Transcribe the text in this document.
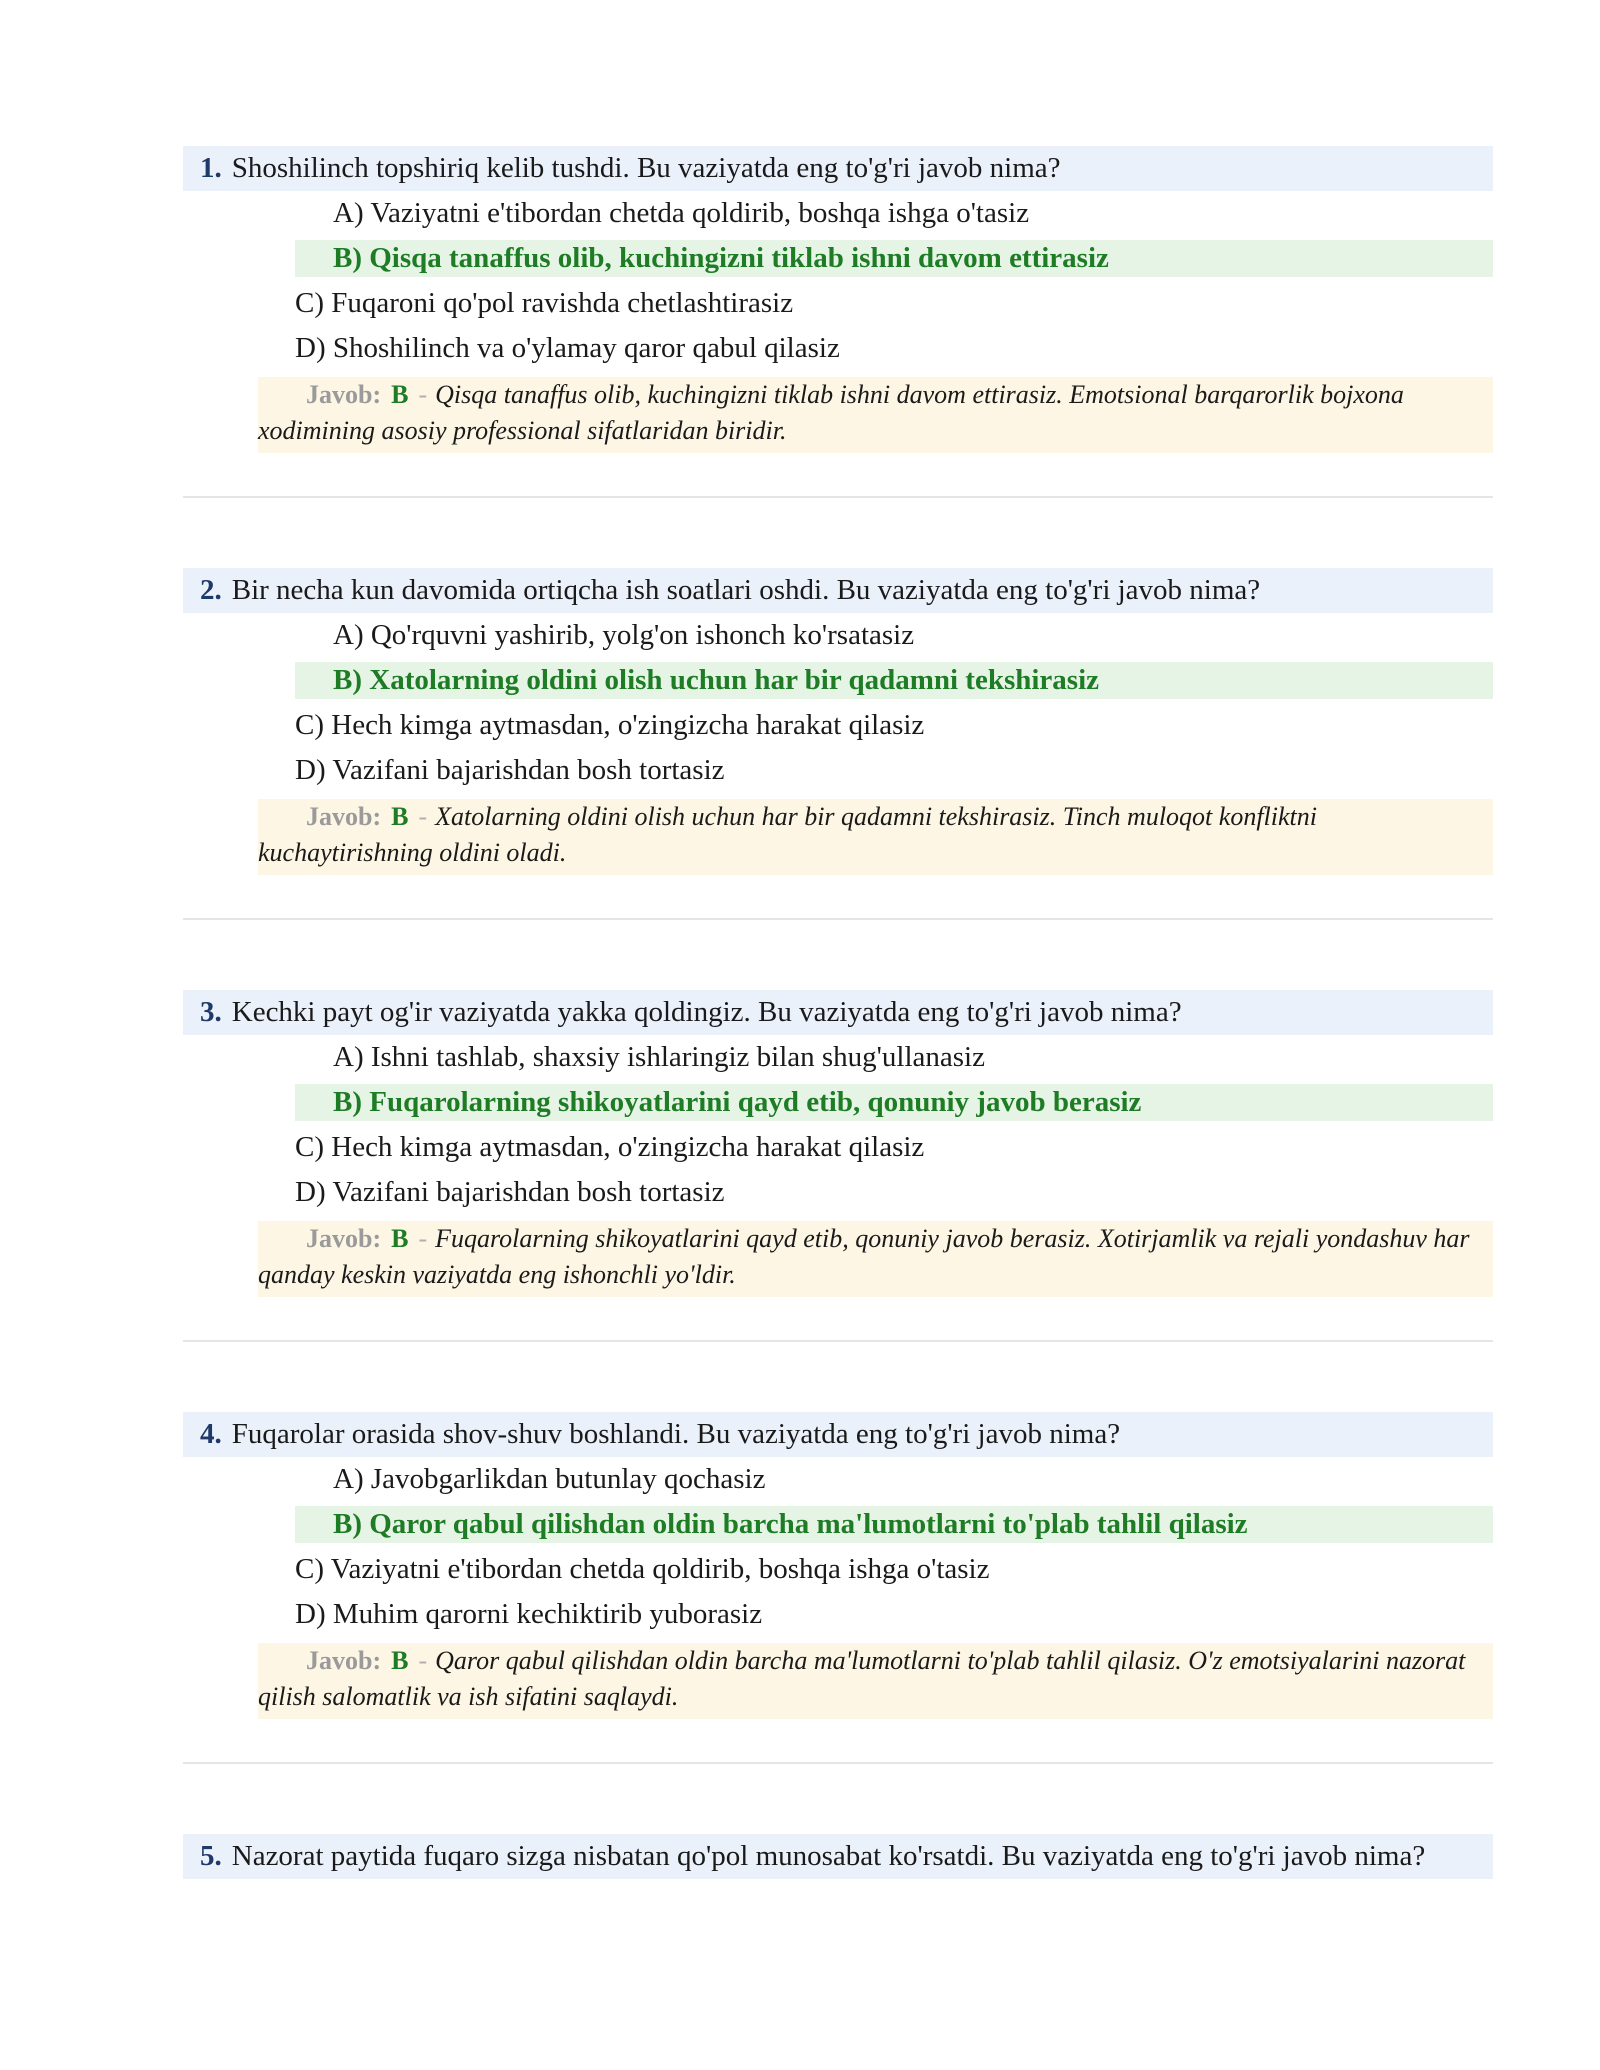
1. Shoshilinch topshiriq kelib tushdi. Bu vaziyatda eng to'g'ri javob nima?
A) Vaziyatni e'tibordan chetda qoldirib, boshqa ishga o'tasiz
B) Qisqa tanaffus olib, kuchingizni tiklab ishni davom ettirasiz
C) Fuqaroni qo'pol ravishda chetlashtirasiz
D) Shoshilinch va o'ylamay qaror qabul qilasiz
Javob: B - Qisqa tanaffus olib, kuchingizni tiklab ishni davom ettirasiz. Emotsional barqarorlik bojxona xodimining asosiy professional sifatlaridan biridir.
2. Bir necha kun davomida ortiqcha ish soatlari oshdi. Bu vaziyatda eng to'g'ri javob nima?
A) Qo'rquvni yashirib, yolg'on ishonch ko'rsatasiz
B) Xatolarning oldini olish uchun har bir qadamni tekshirasiz
C) Hech kimga aytmasdan, o'zingizcha harakat qilasiz
D) Vazifani bajarishdan bosh tortasiz
Javob: B - Xatolarning oldini olish uchun har bir qadamni tekshirasiz. Tinch muloqot konfliktni kuchaytirishning oldini oladi.
3. Kechki payt og'ir vaziyatda yakka qoldingiz. Bu vaziyatda eng to'g'ri javob nima?
A) Ishni tashlab, shaxsiy ishlaringiz bilan shug'ullanasiz
B) Fuqarolarning shikoyatlarini qayd etib, qonuniy javob berasiz
C) Hech kimga aytmasdan, o'zingizcha harakat qilasiz
D) Vazifani bajarishdan bosh tortasiz
Javob: B - Fuqarolarning shikoyatlarini qayd etib, qonuniy javob berasiz. Xotirjamlik va rejali yondashuv har qanday keskin vaziyatda eng ishonchli yo'ldir.
4. Fuqarolar orasida shov-shuv boshlandi. Bu vaziyatda eng to'g'ri javob nima?
A) Javobgarlikdan butunlay qochasiz
B) Qaror qabul qilishdan oldin barcha ma'lumotlarni to'plab tahlil qilasiz
C) Vaziyatni e'tibordan chetda qoldirib, boshqa ishga o'tasiz
D) Muhim qarorni kechiktirib yuborasiz
Javob: B - Qaror qabul qilishdan oldin barcha ma'lumotlarni to'plab tahlil qilasiz. O'z emotsiyalarini nazorat qilish salomatlik va ish sifatini saqlaydi.
5. Nazorat paytida fuqaro sizga nisbatan qo'pol munosabat ko'rsatdi. Bu vaziyatda eng to'g'ri javob nima?
